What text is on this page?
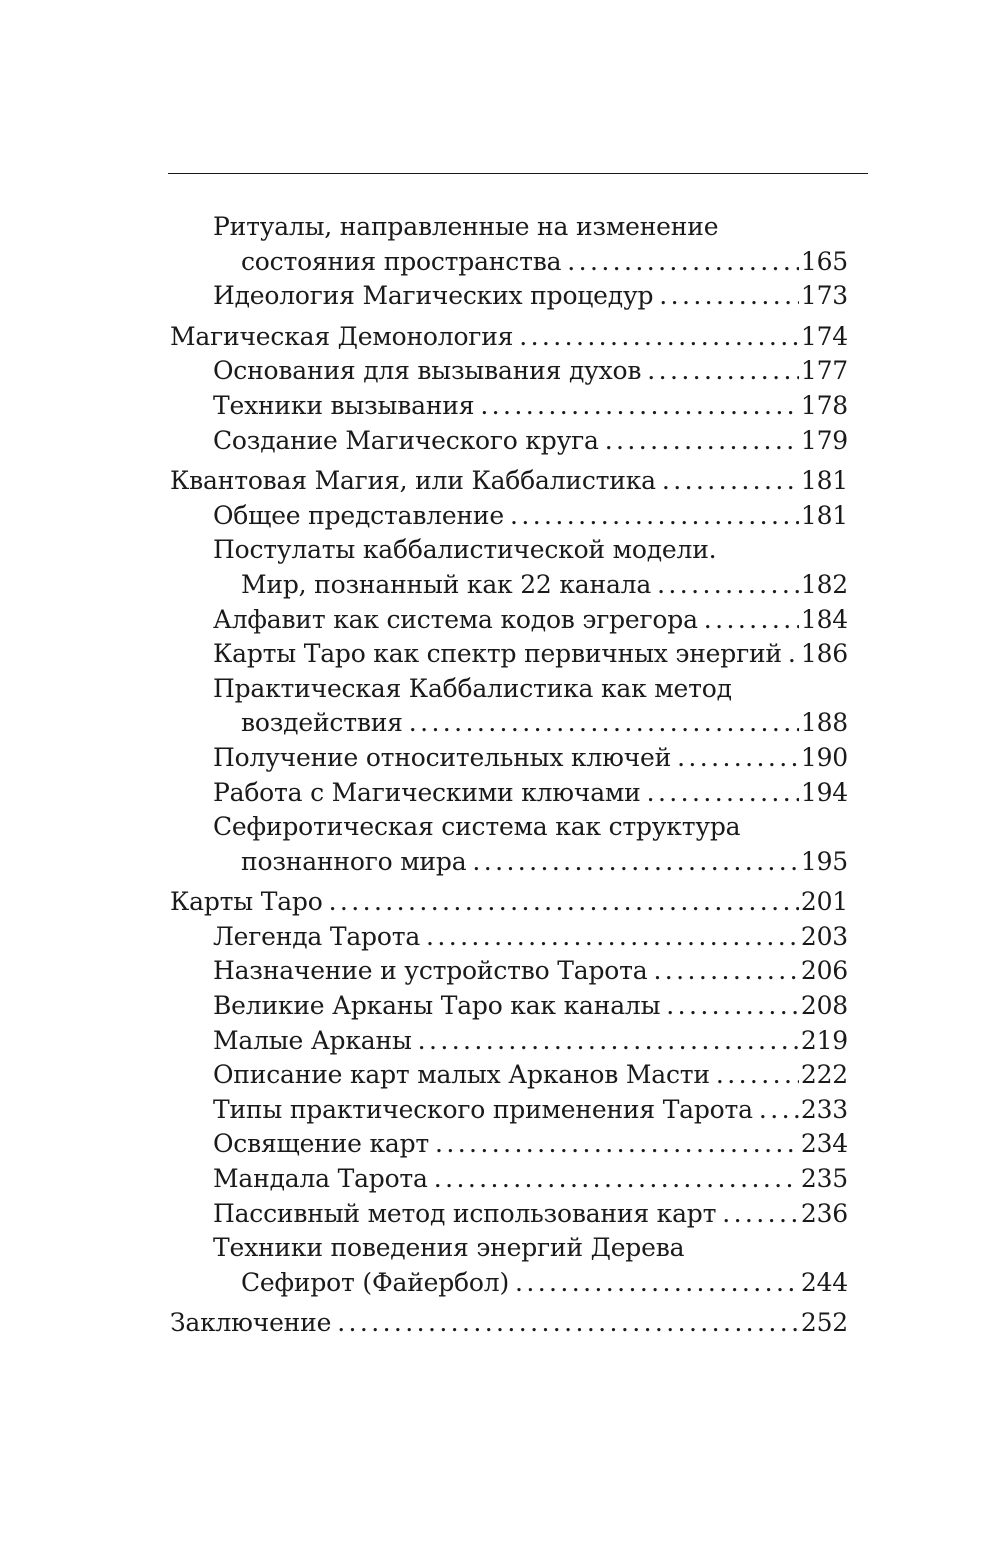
Ритуалы, направленные на изменение
состояния пространства .....	165
Идеология Магических процедур .....	173
Магическая Демонология .....	174
Основания для вызывания духов .....	177
Техники вызывания .....	178
Создание Магического круга .....	179
Квантовая Магия, или Каббалистика .....	181
Общее представление .....	181
Постулаты каббалистической модели.
Мир, познанный как 22 канала .....	182
Алфавит как система кодов эгрегора .....	184
Карты Таро как спектр первичных энергий ..... 186
Практическая Каббалистика как метод
воздействия .....	188
Получение относительных ключей .....	190
Работа с Магическими ключами .....	194
Сефиротическая система как структура
познанного мира .....	195
Карты Таро .....	201
Легенда Тарота .....	203
Назначение и устройство Тарота .....	206
Великие Арканы Таро как каналы .....	208
Малые Арканы .....	219
Описание карт малых Арканов Масти .....	222
Типы практического применения Тарота ..... 233
Освящение карт .....	234
Мандала Тарота .....	235
Пассивный метод использования карт .....	236
Техники поведения энергий Дерева
Сефирот (Файербол) .....	244
Заключение .....	252
